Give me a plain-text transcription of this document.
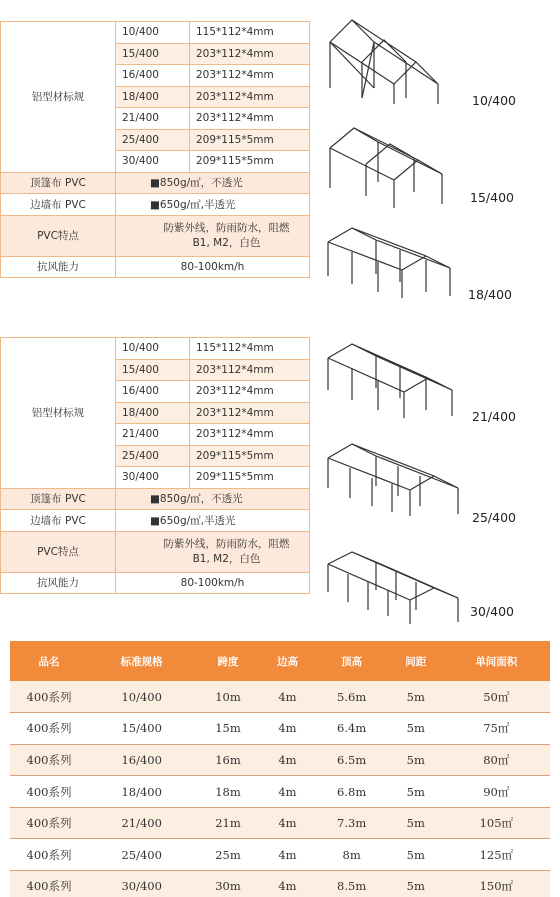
铝型材标规	10/400	115*112*4mm
	15/400	203*112*4mm
	16/400	203*112*4mm
	18/400	203*112*4mm
	21/400	203*112*4mm
	25/400	209*115*5mm
	30/400	209*115*5mm
顶篷布 PVC	■850g/㎡，不透光	
边墙布 PVC	■650g/㎡,半透光	
PVC特点	防紫外线，防雨防水，阻燃
B1, M2，白色	
抗风能力	80-100km/h	
铝型材标规	10/400	115*112*4mm
	15/400	203*112*4mm
	16/400	203*112*4mm
	18/400	203*112*4mm
	21/400	203*112*4mm
	25/400	209*115*5mm
	30/400	209*115*5mm
顶篷布 PVC	■850g/㎡，不透光	
边墙布 PVC	■650g/㎡,半透光	
PVC特点	防紫外线，防雨防水，阻燃
B1, M2，白色	
抗风能力	80-100km/h	
10/400
15/400
18/400
21/400
25/400
30/400
品名	标准规格	跨度	边高	顶高	间距	单间面积
400系列	10/400	10m	4m	5.6m	5m	50㎡
400系列	15/400	15m	4m	6.4m	5m	75㎡
400系列	16/400	16m	4m	6.5m	5m	80㎡
400系列	18/400	18m	4m	6.8m	5m	90㎡
400系列	21/400	21m	4m	7.3m	5m	105㎡
400系列	25/400	25m	4m	8m	5m	125㎡
400系列	30/400	30m	4m	8.5m	5m	150㎡
